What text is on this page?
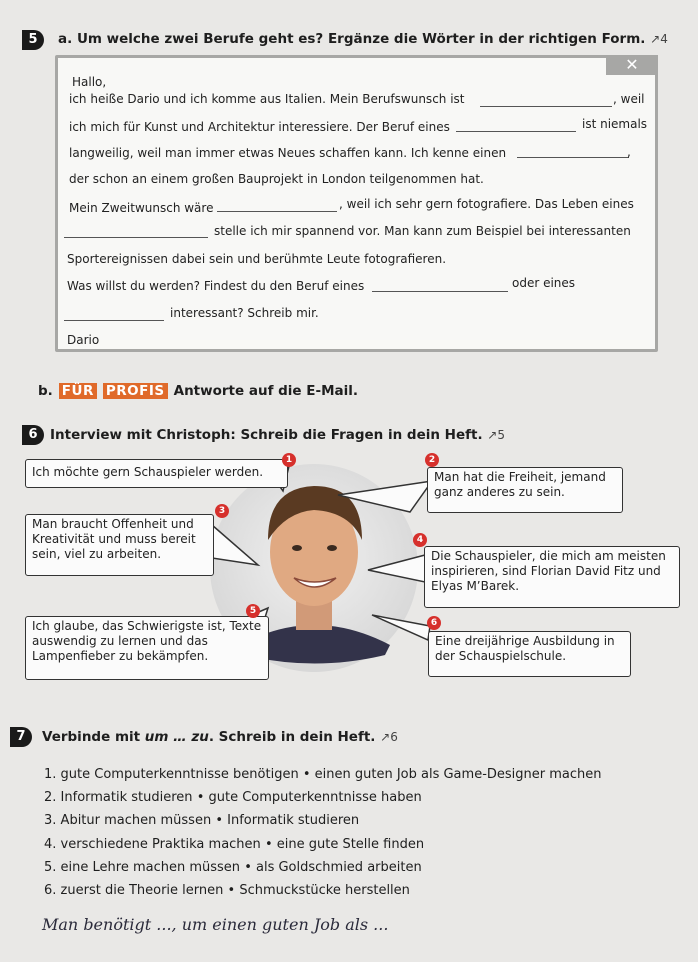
5	a. Um welche zwei Berufe geht es? Ergänze die Wörter in der richtigen Form. ↗4
✕
Hallo,
ich heiße Dario und ich komme aus Italien. Mein Berufswunsch ist	, weil
ich mich für Kunst und Architektur interessiere. Der Beruf eines	ist niemals
langweilig, weil man immer etwas Neues schaffen kann. Ich kenne einen	,
der schon an einem großen Bauprojekt in London teilgenommen hat.
Mein Zweitwunsch wäre	, weil ich sehr gern fotografiere. Das Leben eines
stelle ich mir spannend vor. Man kann zum Beispiel bei interessanten
Sportereignissen dabei sein und berühmte Leute fotografieren.
Was willst du werden? Findest du den Beruf eines	oder eines
interessant? Schreib mir.
Dario
b. FÜR PROFIS Antworte auf die E-Mail.
6 Interview mit Christoph: Schreib die Fragen in dein Heft. ↗5
Ich möchte gern Schauspieler werden.
1
Man hat die Freiheit, jemand ganz anderes zu sein.
2
Man braucht Offenheit und Kreativität und muss bereit sein, viel zu arbeiten.
3
Die Schauspieler, die mich am meisten inspirieren, sind Florian David Fitz und Elyas M’Barek.
4
Ich glaube, das Schwierigste ist, Texte auswendig zu lernen und das Lampenfieber zu bekämpfen.
5
Eine dreijährige Ausbildung in der Schauspielschule.
6
7	Verbinde mit um … zu. Schreib in dein Heft. ↗6
1. gute Computerkenntnisse benötigen • einen guten Job als Game-Designer machen
2. Informatik studieren • gute Computerkenntnisse haben
3. Abitur machen müssen • Informatik studieren
4. verschiedene Praktika machen • eine gute Stelle finden
5. eine Lehre machen müssen • als Goldschmied arbeiten
6. zuerst die Theorie lernen • Schmuckstücke herstellen
Man benötigt ..., um einen guten Job als ...
